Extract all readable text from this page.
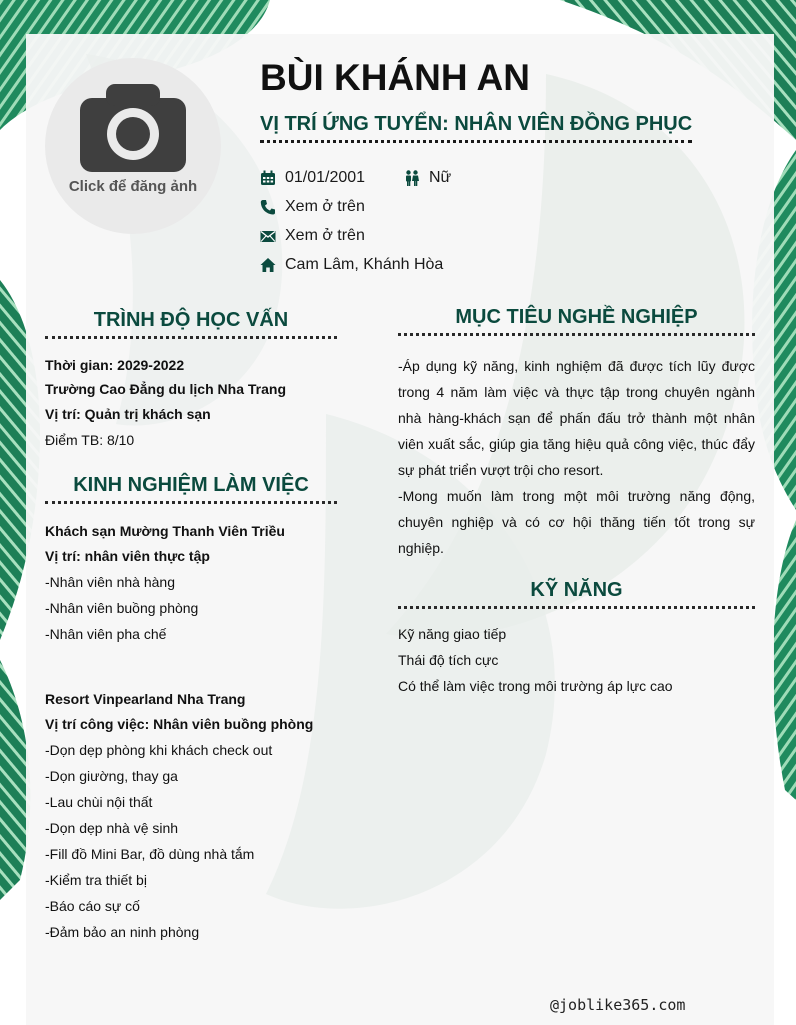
Click để đăng ảnh
BÙI KHÁNH AN
VỊ TRÍ ỨNG TUYỂN: NHÂN VIÊN ĐỒNG PHỤC
01/01/2001	Nữ
Xem ở trên
Xem ở trên
Cam Lâm, Khánh Hòa
TRÌNH ĐỘ HỌC VẤN
Thời gian: 2029-2022
Trường Cao Đẳng du lịch Nha Trang
Vị trí: Quản trị khách sạn
Điểm TB: 8/10
KINH NGHIỆM LÀM VIỆC
Khách sạn Mường Thanh Viên Triều
Vị trí: nhân viên thực tập
-Nhân viên nhà hàng
-Nhân viên buồng phòng
-Nhân viên pha chế
Resort Vinpearland Nha Trang
Vị trí công việc: Nhân viên buồng phòng
-Dọn dẹp phòng khi khách check out
-Dọn giường, thay ga
-Lau chùi nội thất
-Dọn dẹp nhà vệ sinh
-Fill đồ Mini Bar, đồ dùng nhà tắm
-Kiểm tra thiết bị
-Báo cáo sự cố
-Đảm bảo an ninh phòng
MỤC TIÊU NGHỀ NGHIỆP
-Áp dụng kỹ năng, kinh nghiệm đã được tích lũy được trong 4 năm làm việc và thực tập trong chuyên ngành nhà hàng-khách sạn để phấn đấu trở thành một nhân viên xuất sắc, giúp gia tăng hiệu quả công việc, thúc đẩy sự phát triển vượt trội cho resort.
-Mong muốn làm trong một môi trường năng động, chuyên nghiệp và có cơ hội thăng tiến tốt trong sự nghiệp.
KỸ NĂNG
Kỹ năng giao tiếp
Thái độ tích cực
Có thể làm việc trong môi trường áp lực cao
@joblike365.com
